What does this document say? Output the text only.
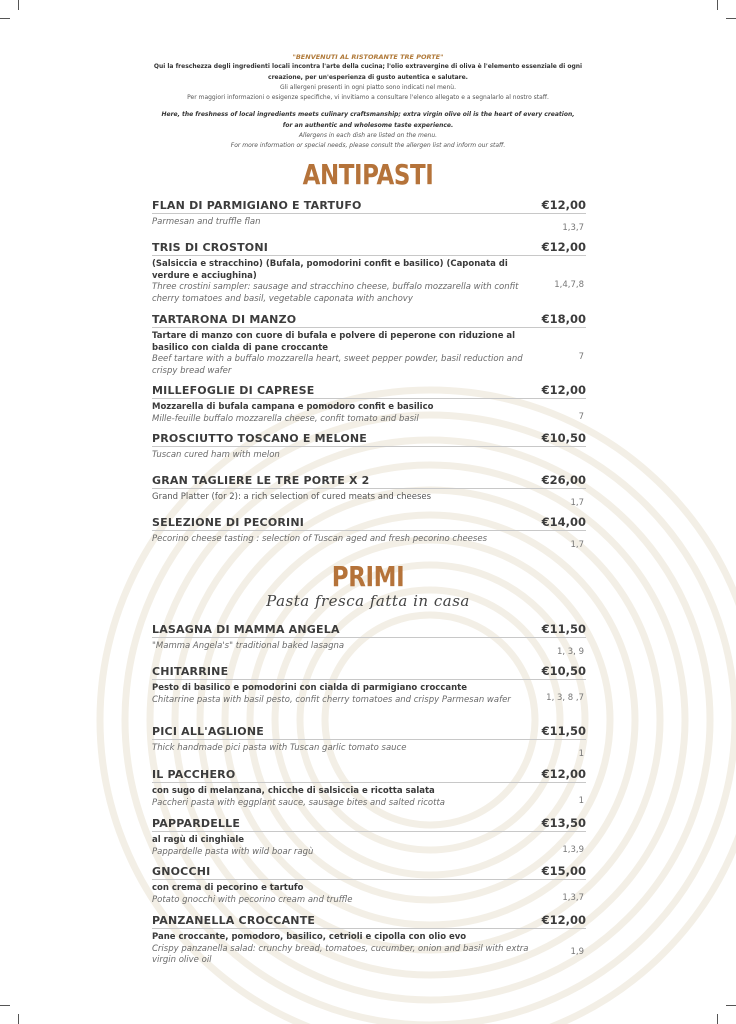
"BENVENUTI AL RISTORANTE TRE PORTE"
Qui la freschezza degli ingredienti locali incontra l'arte della cucina; l'olio extravergine di oliva è l'elemento essenziale di ogni
creazione, per un'esperienza di gusto autentica e salutare.
Gli allergeni presenti in ogni piatto sono indicati nel menù.
Per maggiori informazioni o esigenze specifiche, vi invitiamo a consultare l'elenco allegato e a segnalarlo al nostro staff.
Here, the freshness of local ingredients meets culinary craftsmanship; extra virgin olive oil is the heart of every creation,
for an authentic and wholesome taste experience.
Allergens in each dish are listed on the menu.
For more information or special needs, please consult the allergen list and inform our staff.
ANTIPASTI
FLAN DI PARMIGIANO E TARTUFO	€12,00
Parmesan and truffle flan
1,3,7
TRIS DI CROSTONI	€12,00
(Salsiccia e stracchino) (Bufala, pomodorini confit e basilico) (Caponata di verdure e acciughina)
Three crostini sampler: sausage and stracchino cheese, buffalo mozzarella with confit cherry tomatoes and basil, vegetable caponata with anchovy
1,4,7,8
TARTARONA DI MANZO	€18,00
Tartare di manzo con cuore di bufala e polvere di peperone con riduzione al basilico con cialda di pane croccante
Beef tartare with a buffalo mozzarella heart, sweet pepper powder, basil reduction and crispy bread wafer
7
MILLEFOGLIE DI CAPRESE	€12,00
Mozzarella di bufala campana e pomodoro confit e basilico
Mille-feuille buffalo mozzarella cheese, confit tomato and basil	7
PROSCIUTTO TOSCANO E MELONE	€10,50
Tuscan cured ham with melon
GRAN TAGLIERE LE TRE PORTE X 2	€26,00
Grand Platter (for 2): a rich selection of cured meats and cheeses
1,7
SELEZIONE DI PECORINI	€14,00
Pecorino cheese tasting : selection of Tuscan aged and fresh pecorino cheeses
1,7
PRIMI
Pasta fresca fatta in casa
LASAGNA DI MAMMA ANGELA	€11,50
"Mamma Angela's" traditional baked lasagna
1, 3, 9
CHITARRINE	€10,50
Pesto di basilico e pomodorini con cialda di parmigiano croccante
Chitarrine pasta with basil pesto, confit cherry tomatoes and crispy Parmesan wafer	1, 3, 8 ,7
PICI ALL'AGLIONE	€11,50
Thick handmade pici pasta with Tuscan garlic tomato sauce
1
IL PACCHERO	€12,00
con sugo di melanzana, chicche di salsiccia e ricotta salata
Paccheri pasta with eggplant sauce, sausage bites and salted ricotta	1
PAPPARDELLE	€13,50
al ragù di cinghiale
Pappardelle pasta with wild boar ragù	1,3,9
GNOCCHI	€15,00
con crema di pecorino e tartufo
Potato gnocchi with pecorino cream and truffle	1,3,7
PANZANELLA CROCCANTE	€12,00
Pane croccante, pomodoro, basilico, cetrioli e cipolla con olio evo
Crispy panzanella salad: crunchy bread, tomatoes, cucumber, onion and basil with extra virgin olive oil
1,9
